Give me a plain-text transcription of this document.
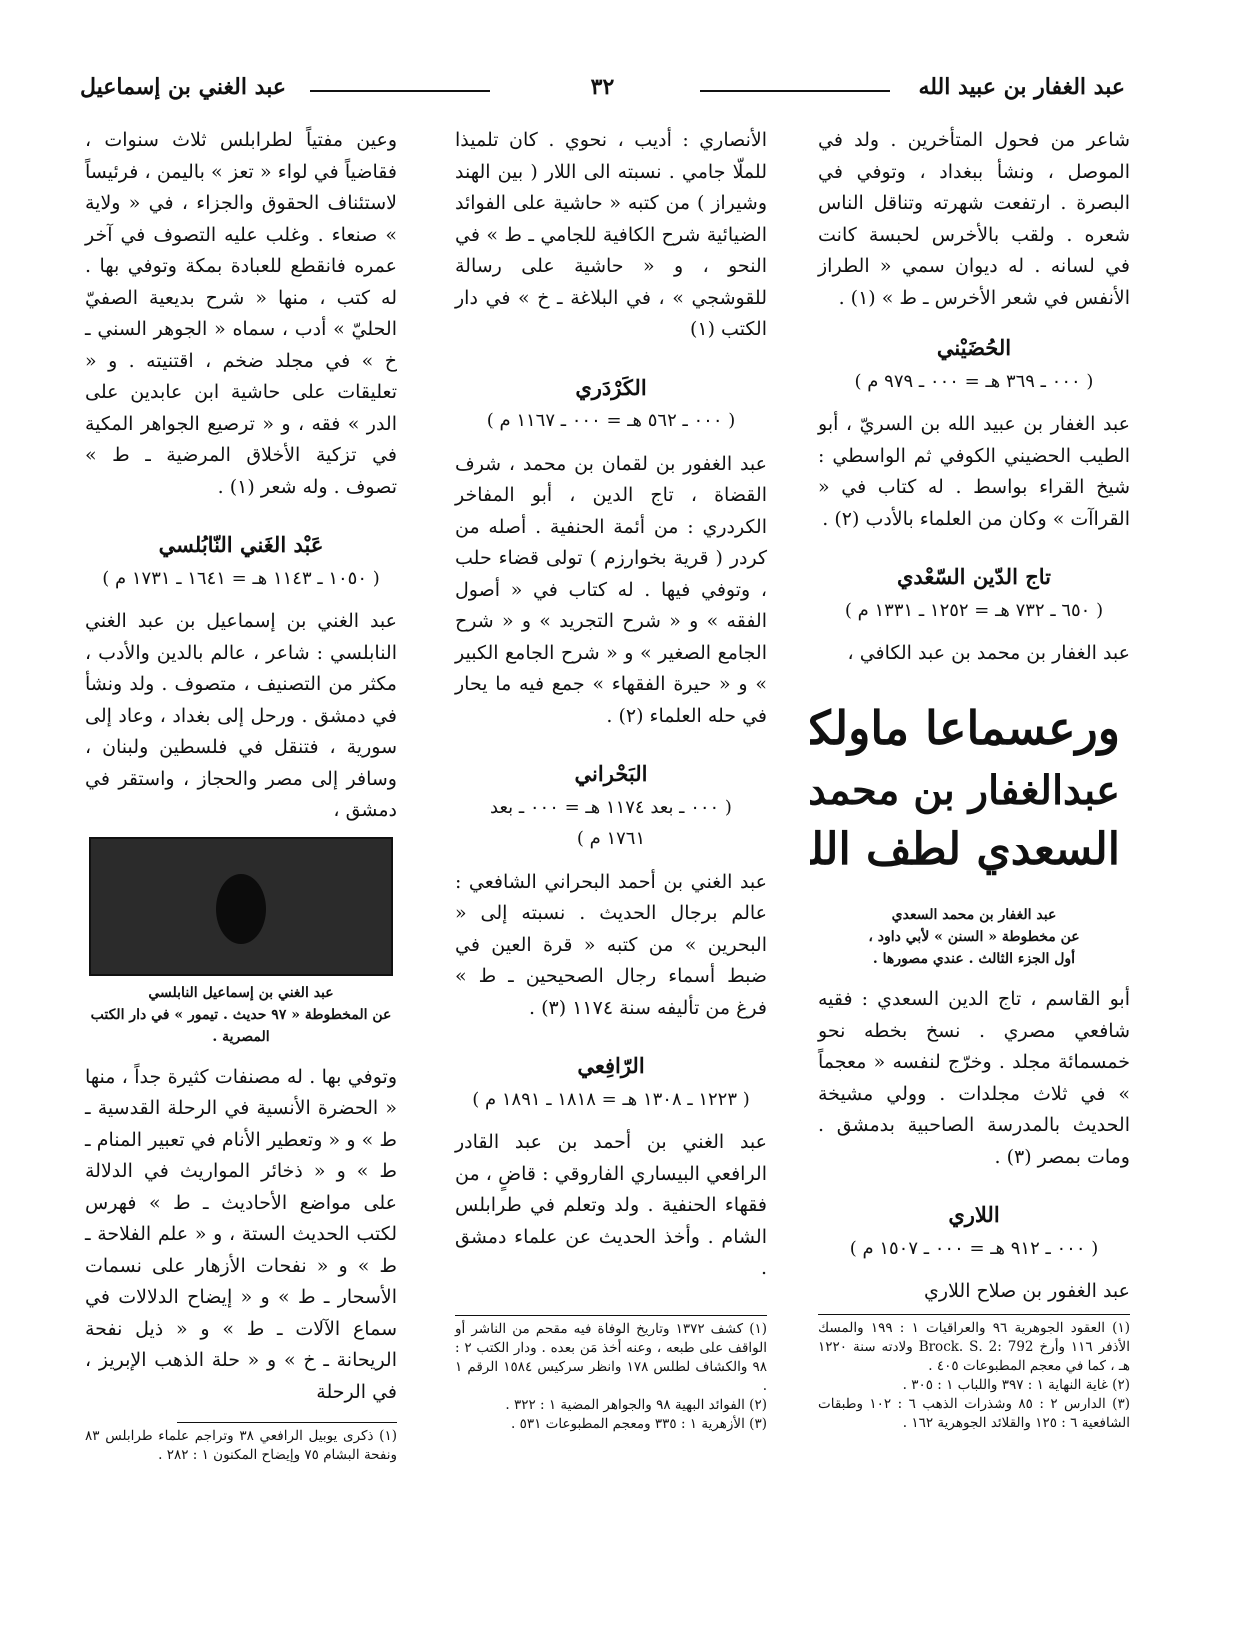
عبد الغفار بن عبيد الله
٣٢
عبد الغني بن إسماعيل

شاعر من فحول المتأخرين . ولد في الموصل ، ونشأ ببغداد ، وتوفي في البصرة . ارتفعت شهرته وتناقل الناس شعره . ولقب بالأخرس لحبسة كانت في لسانه . له ديوان سمي « الطراز الأنفس في شعر الأخرس ـ ط » (١) .

الحُضَيْني
( ٠٠٠ ـ ٣٦٩ هـ = ٠٠٠ ـ ٩٧٩ م )

عبد الغفار بن عبيد الله بن السريّ ، أبو الطيب الحضيني الكوفي ثم الواسطي : شيخ القراء بواسط . له كتاب في « القراآت » وكان من العلماء بالأدب (٢) .

تاج الدّين السّعْدي
( ٦٥٠ ـ ٧٣٢ هـ = ١٢٥٢ ـ ١٣٣١ م )

عبد الغفار بن محمد بن عبد الكافي ،

ورعسماعا ماولك
عبدالغفار بن محمد
السعدي لطف الله
عبد الغفار بن محمد السعدي
عن مخطوطة « السنن » لأبي داود ،
أول الجزء الثالث . عندي مصورها .

أبو القاسم ، تاج الدين السعدي : فقيه شافعي مصري . نسخ بخطه نحو خمسمائة مجلد . وخرّج لنفسه « معجماً » في ثلاث مجلدات . وولي مشيخة الحديث بالمدرسة الصاحبية بدمشق . ومات بمصر (٣) .

اللاري
( ٠٠٠ ـ ٩١٢ هـ = ٠٠٠ ـ ١٥٠٧ م )

عبد الغفور بن صلاح اللاري

(١) العقود الجوهرية ٩٦ والعراقيات ١ : ١٩٩ والمسك الأذفر ١١٦ وأرخ 792 :2 .Brock. S ولادته سنة ١٢٢٠ هـ ، كما في معجم المطبوعات ٤٠٥ .

(٢) غاية النهاية ١ : ٣٩٧ واللباب ١ : ٣٠٥ .

(٣) الدارس ٢ : ٨٥ وشذرات الذهب ٦ : ١٠٢ وطبقات الشافعية ٦ : ١٢٥ والقلائد الجوهرية ١٦٢ .

الأنصاري : أديب ، نحوي . كان تلميذا للملّا جامي . نسبته الى اللار ( بين الهند وشيراز ) من كتبه « حاشية على الفوائد الضيائية شرح الكافية للجامي ـ ط » في النحو ، و « حاشية على رسالة للقوشجي » ، في البلاغة ـ خ » في دار الكتب (١)

الكَرْدَري
( ٠٠٠ ـ ٥٦٢ هـ = ٠٠٠ ـ ١١٦٧ م )

عبد الغفور بن لقمان بن محمد ، شرف القضاة ، تاج الدين ، أبو المفاخر الكردري : من أئمة الحنفية . أصله من كردر ( قرية بخوارزم ) تولى قضاء حلب ، وتوفي فيها . له كتاب في « أصول الفقه » و « شرح التجريد » و « شرح الجامع الصغير » و « شرح الجامع الكبير » و « حيرة الفقهاء » جمع فيه ما يحار في حله العلماء (٢) .

البَحْراني
( ٠٠٠ ـ بعد ١١٧٤ هـ = ٠٠٠ ـ بعد
١٧٦١ م )

عبد الغني بن أحمد البحراني الشافعي : عالم برجال الحديث . نسبته إلى « البحرين » من كتبه « قرة العين في ضبط أسماء رجال الصحيحين ـ ط » فرغ من تأليفه سنة ١١٧٤ (٣) .

الرّافِعي
( ١٢٢٣ ـ ١٣٠٨ هـ = ١٨١٨ ـ ١٨٩١ م )

عبد الغني بن أحمد بن عبد القادر الرافعي البيساري الفاروقي : قاضٍ ، من فقهاء الحنفية . ولد وتعلم في طرابلس الشام . وأخذ الحديث عن علماء دمشق .

(١) كشف ١٣٧٢ وتاريخ الوفاة فيه مقحم من الناشر أو الواقف على طبعه ، وعنه أخذ مَن بعده . ودار الكتب ٢ : ٩٨ والكشاف لطلس ١٧٨ وانظر سركيس ١٥٨٤ الرقم ١ .

(٢) الفوائد البهية ٩٨ والجواهر المضية ١ : ٣٢٢ .

(٣) الأزهرية ١ : ٣٣٥ ومعجم المطبوعات ٥٣١ .

وعين مفتياً لطرابلس ثلاث سنوات ، فقاضياً في لواء « تعز » باليمن ، فرئيساً لاستئناف الحقوق والجزاء ، في « ولاية » صنعاء . وغلب عليه التصوف في آخر عمره فانقطع للعبادة بمكة وتوفي بها . له كتب ، منها « شرح بديعية الصفيّ الحليّ » أدب ، سماه « الجوهر السني ـ خ » في مجلد ضخم ، اقتنيته . و « تعليقات على حاشية ابن عابدين على الدر » فقه ، و « ترصيع الجواهر المكية في تزكية الأخلاق المرضية ـ ط » تصوف . وله شعر (١) .

عَبْد الغَني النّابُلسي
( ١٠٥٠ ـ ١١٤٣ هـ = ١٦٤١ ـ ١٧٣١ م )

عبد الغني بن إسماعيل بن عبد الغني النابلسي : شاعر ، عالم بالدين والأدب ، مكثر من التصنيف ، متصوف . ولد ونشأ في دمشق . ورحل إلى بغداد ، وعاد إلى سورية ، فتنقل في فلسطين ولبنان ، وسافر إلى مصر والحجاز ، واستقر في دمشق ،

عبد الغني بن إسماعيل النابلسي
عن المخطوطة « ٩٧ حديث . تيمور » في دار الكتب
المصرية .

وتوفي بها . له مصنفات كثيرة جداً ، منها « الحضرة الأنسية في الرحلة القدسية ـ ط » و « وتعطير الأنام في تعبير المنام ـ ط » و « ذخائر المواريث في الدلالة على مواضع الأحاديث ـ ط » فهرس لكتب الحديث الستة ، و « علم الفلاحة ـ ط » و « نفحات الأزهار على نسمات الأسحار ـ ط » و « إيضاح الدلالات في سماع الآلات ـ ط » و « ذيل نفحة الريحانة ـ خ » و « حلة الذهب الإبريز ، في الرحلة

(١) ذكرى يوبيل الرافعي ٣٨ وتراجم علماء طرابلس ٨٣ ونفحة البشام ٧٥ وإيضاح المكنون ١ : ٢٨٢ .
